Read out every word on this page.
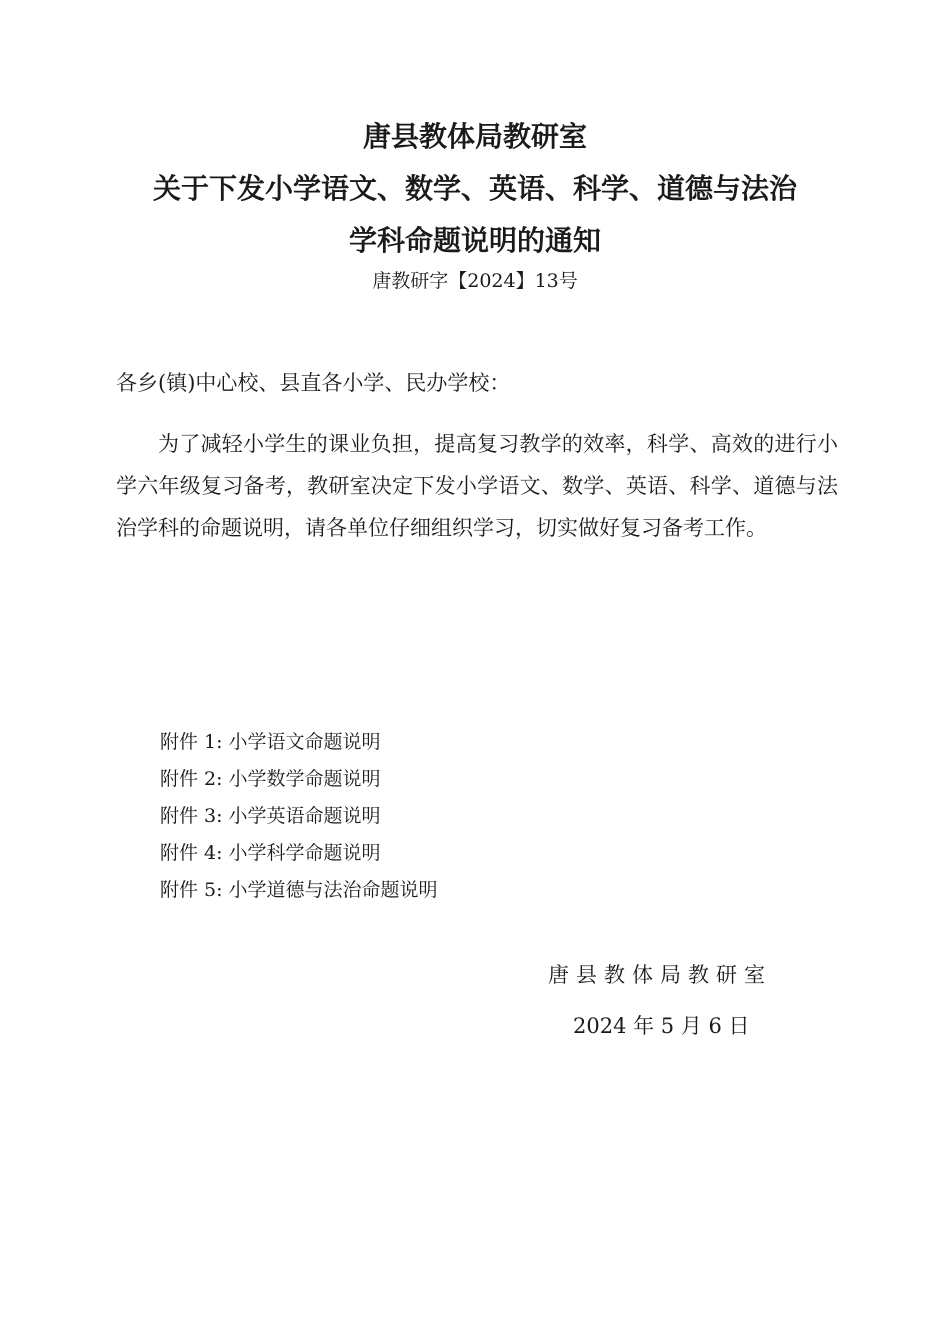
唐县教体局教研室
关于下发小学语文、数学、英语、科学、道德与法治
学科命题说明的通知
唐教研字【2024】13号
各乡(镇)中心校、县直各小学、民办学校：

为了减轻小学生的课业负担，提高复习教学的效率，科学、高效的进行小学六年级复习备考，教研室决定下发小学语文、数学、英语、科学、道德与法治学科的命题说明，请各单位仔细组织学习，切实做好复习备考工作。

附件 1: 小学语文命题说明
附件 2: 小学数学命题说明
附件 3: 小学英语命题说明
附件 4: 小学科学命题说明
附件 5: 小学道德与法治命题说明
唐县教体局教研室
2024 年 5 月 6 日
